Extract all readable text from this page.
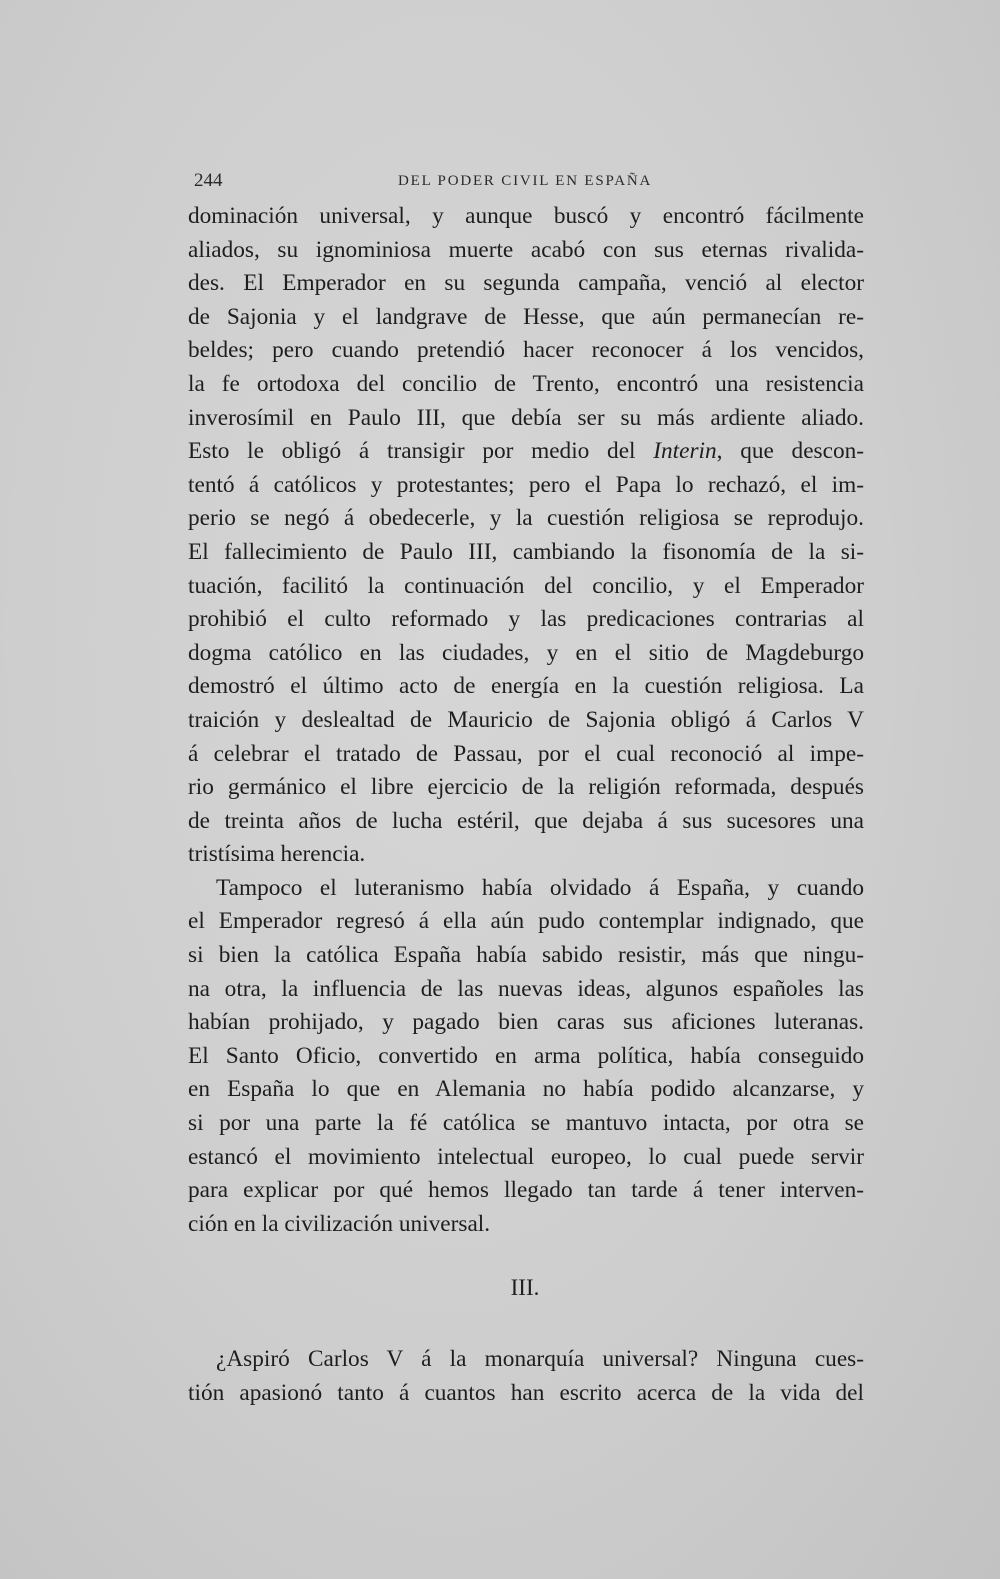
244	DEL PODER CIVIL EN ESPAÑA
dominación universal, y aunque buscó y encontró fácilmente
aliados, su ignominiosa muerte acabó con sus eternas rivalida-
des. El Emperador en su segunda campaña, venció al elector
de Sajonia y el landgrave de Hesse, que aún permanecían re-
beldes; pero cuando pretendió hacer reconocer á los vencidos,
la fe ortodoxa del concilio de Trento, encontró una resistencia
inverosímil en Paulo III, que debía ser su más ardiente aliado.
Esto le obligó á transigir por medio del Interin, que descon-
tentó á católicos y protestantes; pero el Papa lo rechazó, el im-
perio se negó á obedecerle, y la cuestión religiosa se reprodujo.
El fallecimiento de Paulo III, cambiando la fisonomía de la si-
tuación, facilitó la continuación del concilio, y el Emperador
prohibió el culto reformado y las predicaciones contrarias al
dogma católico en las ciudades, y en el sitio de Magdeburgo
demostró el último acto de energía en la cuestión religiosa. La
traición y deslealtad de Mauricio de Sajonia obligó á Carlos V
á celebrar el tratado de Passau, por el cual reconoció al impe-
rio germánico el libre ejercicio de la religión reformada, después
de treinta años de lucha estéril, que dejaba á sus sucesores una
tristísima herencia.
Tampoco el luteranismo había olvidado á España, y cuando
el Emperador regresó á ella aún pudo contemplar indignado, que
si bien la católica España había sabido resistir, más que ningu-
na otra, la influencia de las nuevas ideas, algunos españoles las
habían prohijado, y pagado bien caras sus aficiones luteranas.
El Santo Oficio, convertido en arma política, había conseguido
en España lo que en Alemania no había podido alcanzarse, y
si por una parte la fé católica se mantuvo intacta, por otra se
estancó el movimiento intelectual europeo, lo cual puede servir
para explicar por qué hemos llegado tan tarde á tener interven-
ción en la civilización universal.
III.
¿Aspiró Carlos V á la monarquía universal? Ninguna cues-
tión apasionó tanto á cuantos han escrito acerca de la vida del
